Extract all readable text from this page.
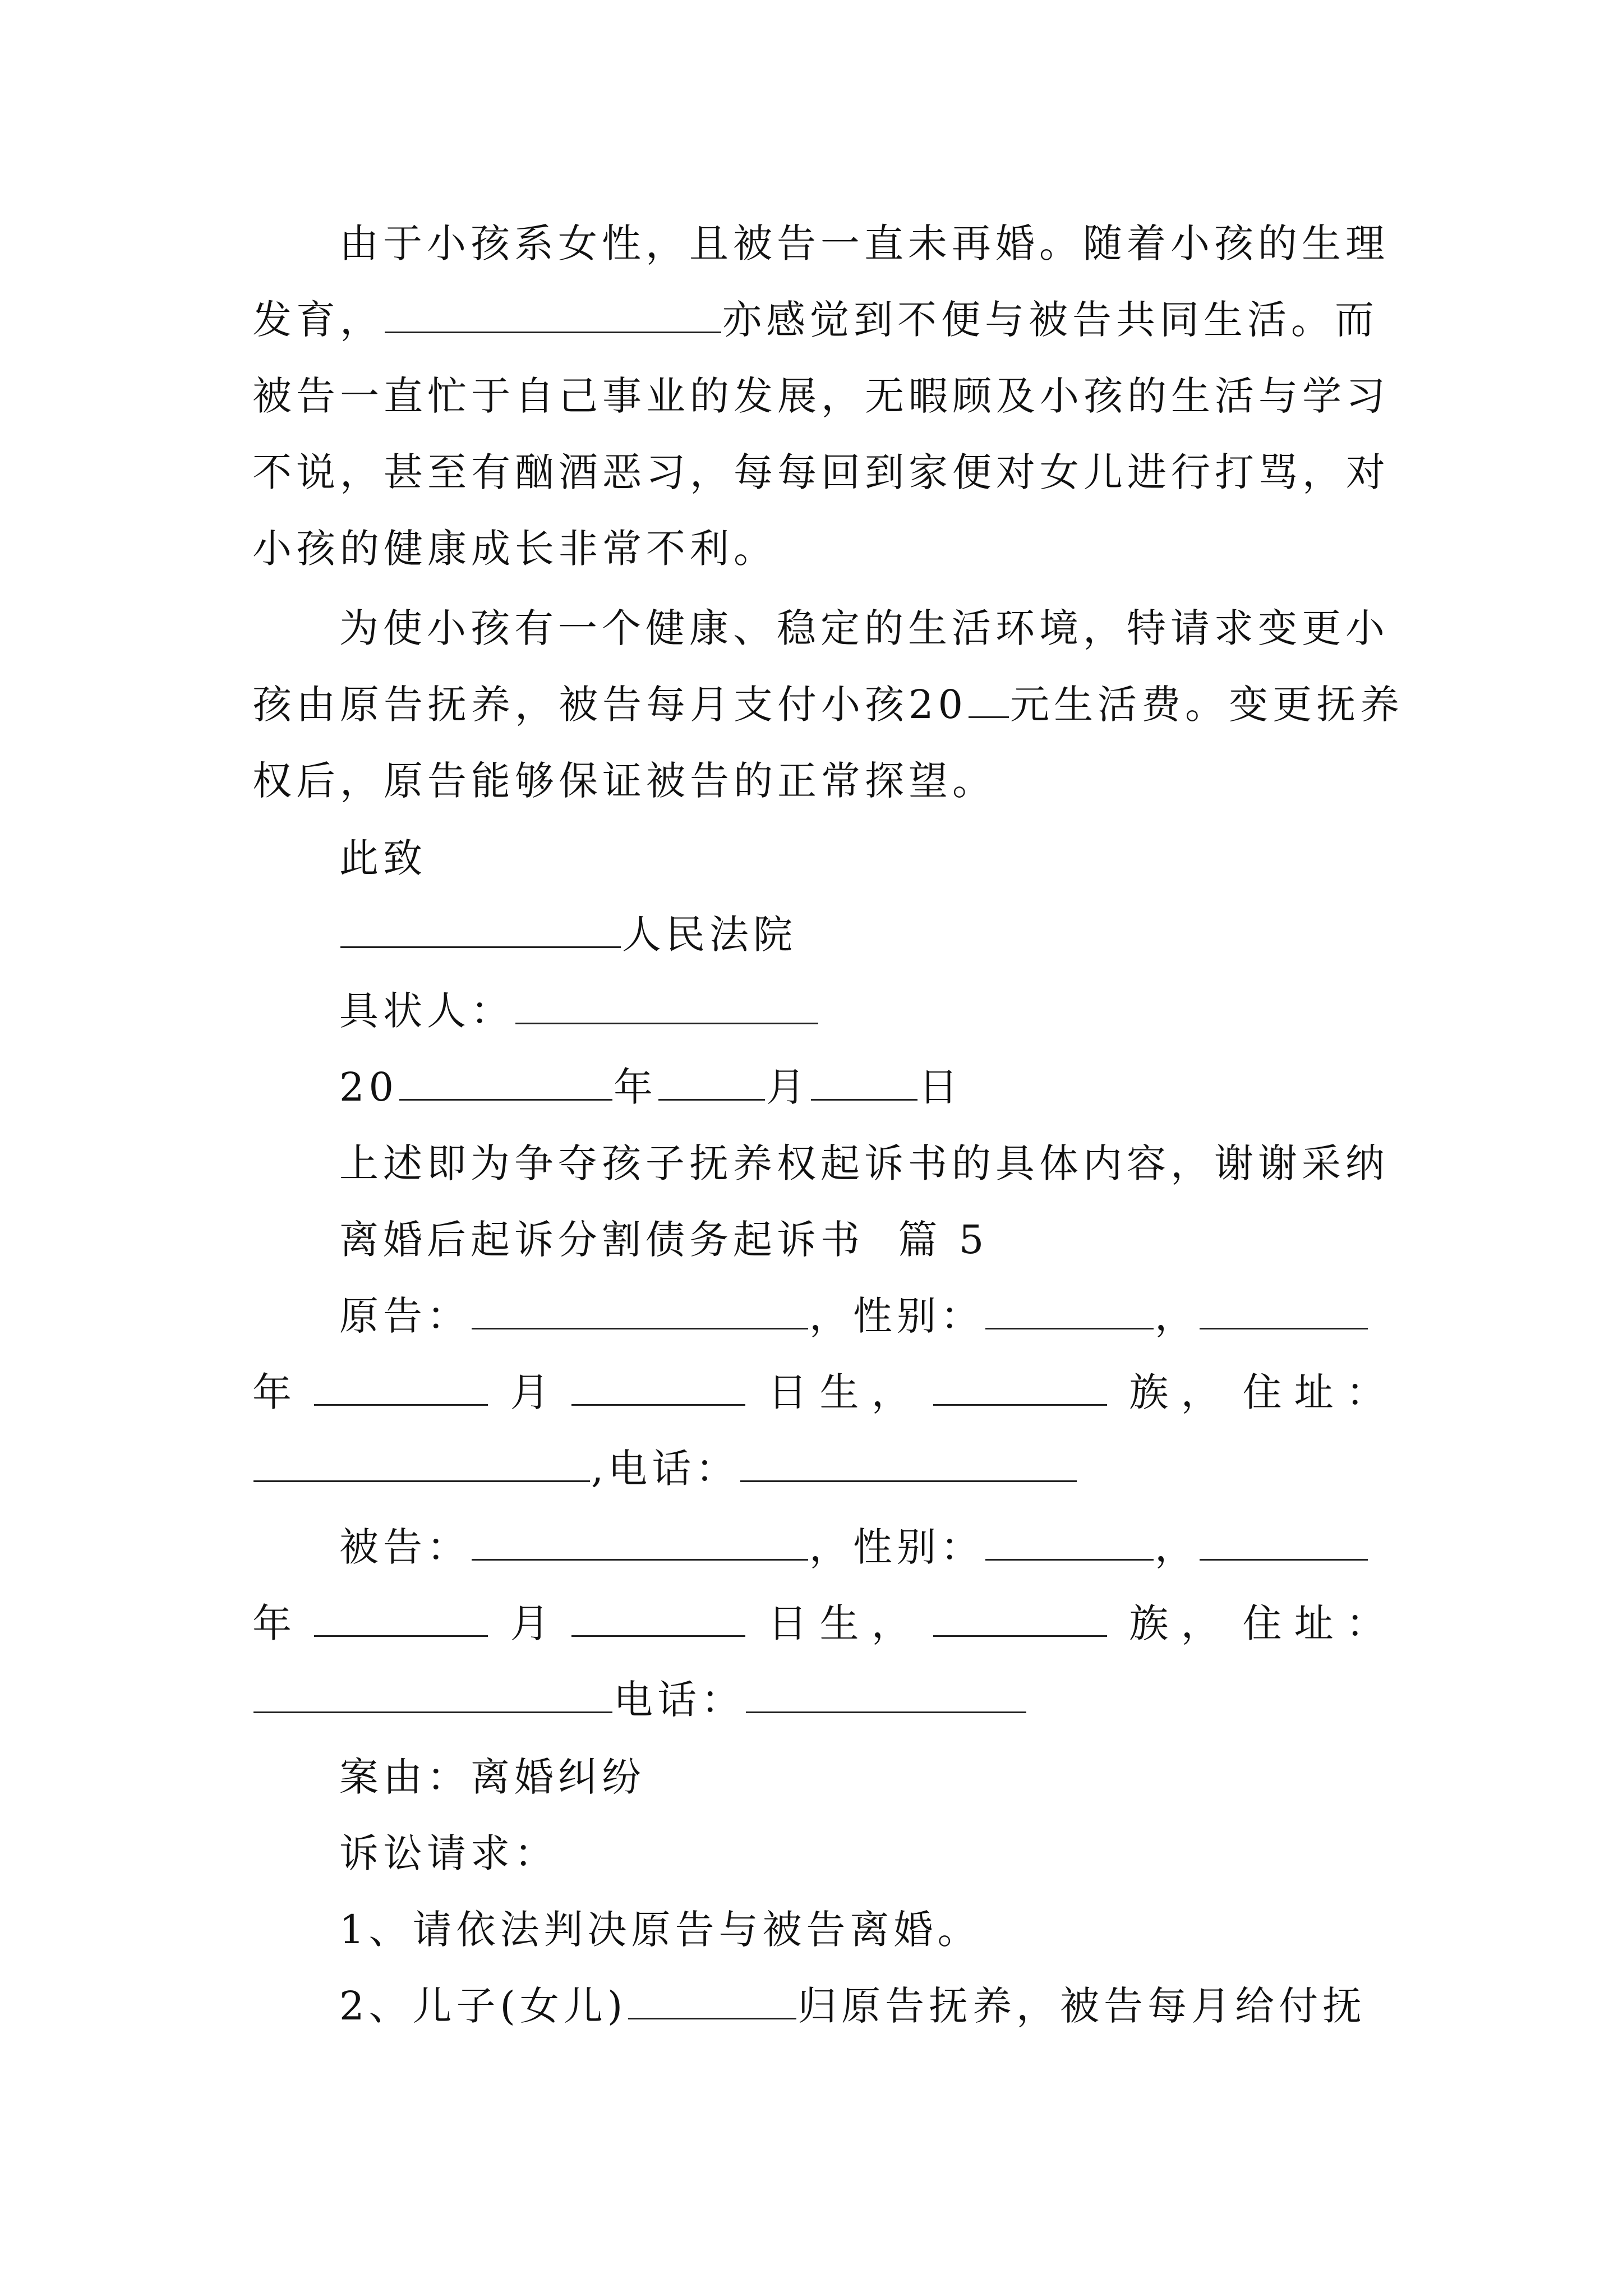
由于小孩系女性，且被告一直未再婚。随着小孩的生理
发育，	亦感觉到不便与被告共同生活。而
被告一直忙于自己事业的发展，无暇顾及小孩的生活与学习
不说，甚至有酗酒恶习，每每回到家便对女儿进行打骂，对
小孩的健康成长非常不利。
为使小孩有一个健康、稳定的生活环境，特请求变更小
孩由原告抚养，被告每月支付小孩20 元生活费。变更抚养
权后，原告能够保证被告的正常探望。
此致
人民法院
具状人：
20	年	月	日
上述即为争夺孩子抚养权起诉书的具体内容，谢谢采纳
离婚后起诉分割债务起诉书  篇 5
原告：	，性别：	，
年	月	日 生 ，	族 ， 住 址 ：
,电话：
被告：	，性别：	，
年	月	日 生 ，	族 ， 住 址 ：
电话：
案由：离婚纠纷
诉讼请求：
1、请依法判决原告与被告离婚。
2、儿子(女儿)	归原告抚养，被告每月给付抚
